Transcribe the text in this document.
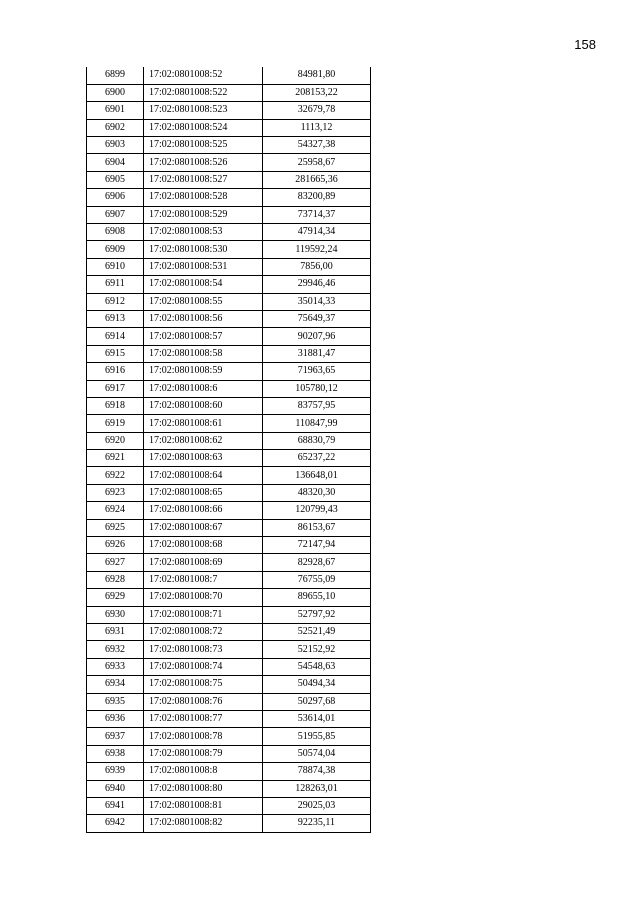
158
6899	17:02:0801008:52	84981,80
6900	17:02:0801008:522	208153,22
6901	17:02:0801008:523	32679,78
6902	17:02:0801008:524	1113,12
6903	17:02:0801008:525	54327,38
6904	17:02:0801008:526	25958,67
6905	17:02:0801008:527	281665,36
6906	17:02:0801008:528	83200,89
6907	17:02:0801008:529	73714,37
6908	17:02:0801008:53	47914,34
6909	17:02:0801008:530	119592,24
6910	17:02:0801008:531	7856,00
6911	17:02:0801008:54	29946,46
6912	17:02:0801008:55	35014,33
6913	17:02:0801008:56	75649,37
6914	17:02:0801008:57	90207,96
6915	17:02:0801008:58	31881,47
6916	17:02:0801008:59	71963,65
6917	17:02:0801008:6	105780,12
6918	17:02:0801008:60	83757,95
6919	17:02:0801008:61	110847,99
6920	17:02:0801008:62	68830,79
6921	17:02:0801008:63	65237,22
6922	17:02:0801008:64	136648,01
6923	17:02:0801008:65	48320,30
6924	17:02:0801008:66	120799,43
6925	17:02:0801008:67	86153,67
6926	17:02:0801008:68	72147,94
6927	17:02:0801008:69	82928,67
6928	17:02:0801008:7	76755,09
6929	17:02:0801008:70	89655,10
6930	17:02:0801008:71	52797,92
6931	17:02:0801008:72	52521,49
6932	17:02:0801008:73	52152,92
6933	17:02:0801008:74	54548,63
6934	17:02:0801008:75	50494,34
6935	17:02:0801008:76	50297,68
6936	17:02:0801008:77	53614,01
6937	17:02:0801008:78	51955,85
6938	17:02:0801008:79	50574,04
6939	17:02:0801008:8	78874,38
6940	17:02:0801008:80	128263,01
6941	17:02:0801008:81	29025,03
6942	17:02:0801008:82	92235,11
